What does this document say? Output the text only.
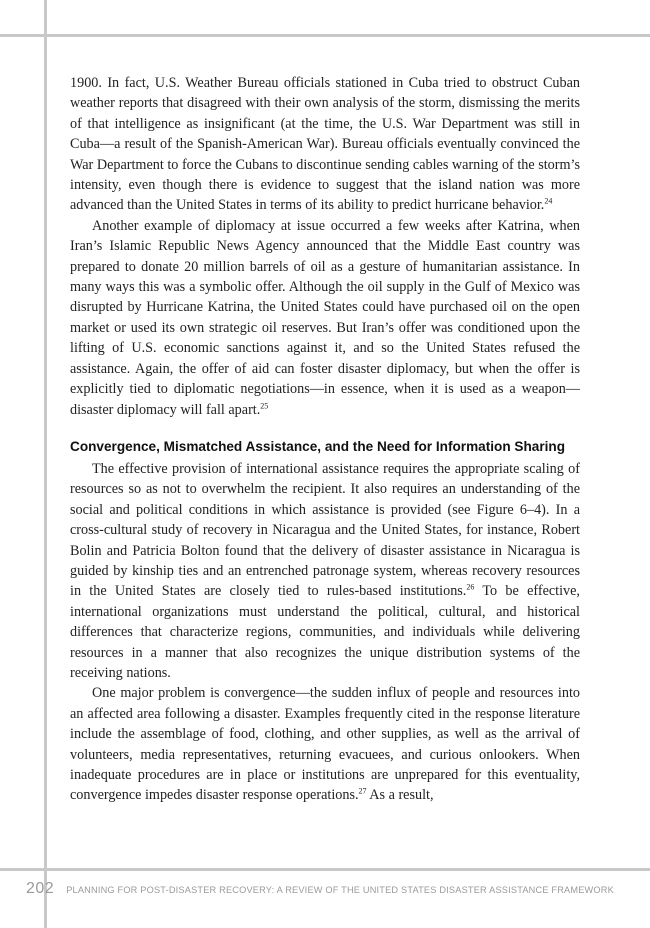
1900. In fact, U.S. Weather Bureau officials stationed in Cuba tried to obstruct Cuban weather reports that disagreed with their own analysis of the storm, dismissing the merits of that intelligence as insignificant (at the time, the U.S. War Department was still in Cuba—a result of the Spanish-American War). Bureau officials eventually convinced the War Department to force the Cubans to discontinue sending cables warning of the storm’s intensity, even though there is evidence to suggest that the island nation was more advanced than the United States in terms of its ability to predict hurricane behavior.$^{24}$

Another example of diplomacy at issue occurred a few weeks after Katrina, when Iran’s Islamic Republic News Agency announced that the Middle East country was prepared to donate 20 million barrels of oil as a gesture of humanitarian assistance. In many ways this was a symbolic offer. Although the oil supply in the Gulf of Mexico was disrupted by Hurricane Katrina, the United States could have purchased oil on the open market or used its own strategic oil reserves. But Iran’s offer was conditioned upon the lifting of U.S. economic sanctions against it, and so the United States refused the assistance. Again, the offer of aid can foster disaster diplomacy, but when the offer is explicitly tied to diplomatic negotiations—in essence, when it is used as a weapon—disaster diplomacy will fall apart.$^{25}$

Convergence, Mismatched Assistance, and the Need for Information Sharing

The effective provision of international assistance requires the appropriate scaling of resources so as not to overwhelm the recipient. It also requires an understanding of the social and political conditions in which assistance is provided (see Figure 6–4). In a cross-cultural study of recovery in Nicaragua and the United States, for instance, Robert Bolin and Patricia Bolton found that the delivery of disaster assistance in Nicaragua is guided by kinship ties and an entrenched patronage system, whereas recovery resources in the United States are closely tied to rules-based institutions.$^{26}$ To be effective, international organizations must understand the political, cultural, and historical differences that characterize regions, communities, and individuals while delivering resources in a manner that also recognizes the unique distribution systems of the receiving nations.

One major problem is convergence—the sudden influx of people and resources into an affected area following a disaster. Examples frequently cited in the response literature include the assemblage of food, clothing, and other supplies, as well as the arrival of volunteers, media representatives, returning evacuees, and curious onlookers. When inadequate procedures are in place or institutions are unprepared for this eventuality, convergence impedes disaster response operations.$^{27}$ As a result,

202 PLANNING FOR POST-DISASTER RECOVERY: A REVIEW OF THE UNITED STATES DISASTER ASSISTANCE FRAMEWORK
